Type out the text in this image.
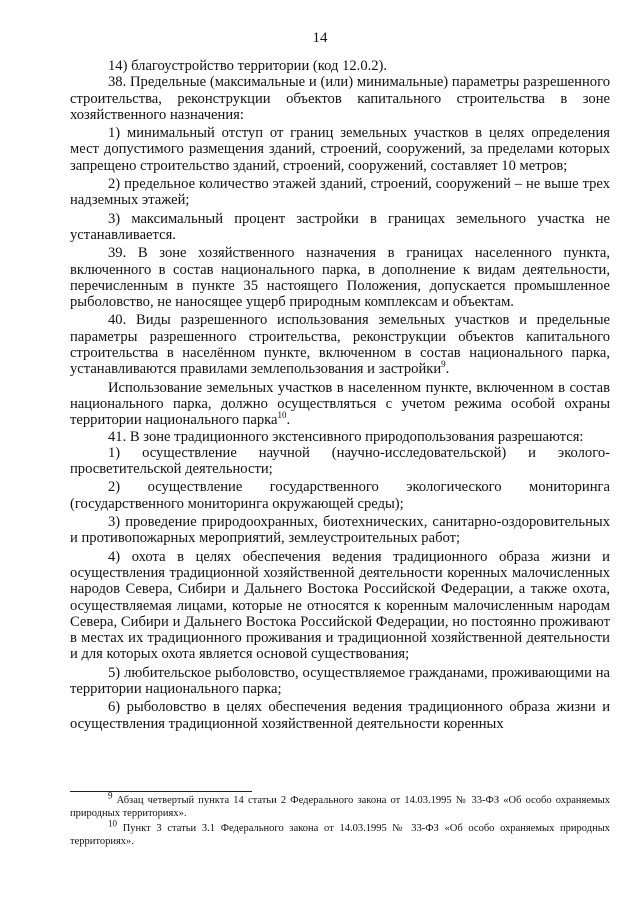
14

14) благоустройство территории (код 12.0.2).

38. Предельные (максимальные и (или) минимальные) параметры разрешенного строительства, реконструкции объектов капитального строительства в зоне хозяйственного назначения:

1) минимальный отступ от границ земельных участков в целях определения мест допустимого размещения зданий, строений, сооружений, за пределами которых запрещено строительство зданий, строений, сооружений, составляет 10 метров;

2) предельное количество этажей зданий, строений, сооружений – не выше трех надземных этажей;

3) максимальный процент застройки в границах земельного участка не устанавливается.

39. В зоне хозяйственного назначения в границах населенного пункта, включенного в состав национального парка, в дополнение к видам деятельности, перечисленным в пункте 35 настоящего Положения, допускается промышленное рыболовство, не наносящее ущерб природным комплексам и объектам.

40. Виды разрешенного использования земельных участков и предельные параметры разрешенного строительства, реконструкции объектов капитального строительства в населённом пункте, включенном в состав национального парка, устанавливаются правилами землепользования и застройки$^9$.

Использование земельных участков в населенном пункте, включенном в состав национального парка, должно осуществляться с учетом режима особой охраны территории национального парка$^{10}$.

41. В зоне традиционного экстенсивного природопользования разрешаются:

1) осуществление научной (научно-исследовательской) и эколого-просветительской деятельности;

2) осуществление государственного экологического мониторинга (государственного мониторинга окружающей среды);

3) проведение природоохранных, биотехнических, санитарно-оздоровительных и противопожарных мероприятий, землеустроительных работ;

4) охота в целях обеспечения ведения традиционного образа жизни и осуществления традиционной хозяйственной деятельности коренных малочисленных народов Севера, Сибири и Дальнего Востока Российской Федерации, а также охота, осуществляемая лицами, которые не относятся к коренным малочисленным народам Севера, Сибири и Дальнего Востока Российской Федерации, но постоянно проживают в местах их традиционного проживания и традиционной хозяйственной деятельности и для которых охота является основой существования;

5) любительское рыболовство, осуществляемое гражданами, проживающими на территории национального парка;

6) рыболовство в целях обеспечения ведения традиционного образа жизни и осуществления традиционной хозяйственной деятельности коренных

$^9$ Абзац четвертый пункта 14 статьи 2 Федерального закона от 14.03.1995 № 33-ФЗ «Об особо охраняемых природных территориях».

$^{10}$ Пункт 3 статьи 3.1 Федерального закона от 14.03.1995 № 33-ФЗ «Об особо охраняемых природных территориях».
